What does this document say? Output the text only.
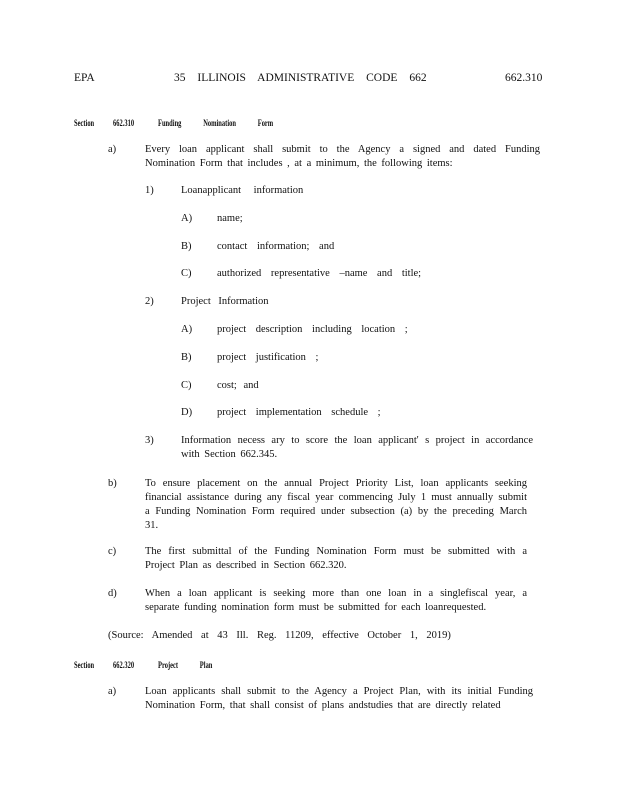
EPA	35 ILLINOIS ADMINISTRATIVE CODE 662	662.310
Section 662.310	Funding Nomination Form
a)	Every loan applicant shall submit to the Agency a signed and dated Funding Nomination Form that includes , at a minimum, the following items:
1)	Loanapplicant information
A) name;
B) contact information; and
C) authorized representative –name and title;
2)	Project Information
A) project description including location ;
B) project justification ;
C) cost; and
D) project implementation schedule ;
3)	Information necess ary to score the loan applicant' s project in accordance with Section 662.345.
b)	To ensure placement on the annual Project Priority List, loan applicants seeking financial assistance during any fiscal year commencing July 1 must annually submit a Funding Nomination Form required under subsection (a) by the preceding March 31.
c)	The first submittal of the Funding Nomination Form must be submitted with a Project Plan as described in Section 662.320.
d)	When a loan applicant is seeking more than one loan in a singlefiscal year, a separate funding nomination form must be submitted for each loanrequested.
(Source: Amended at 43 Ill. Reg. 11209, effective October 1, 2019)
Section 662.320	Project Plan
a)	Loan applicants shall submit to the Agency a Project Plan, with its initial Funding Nomination Form, that shall consist of plans andstudies that are directly related
